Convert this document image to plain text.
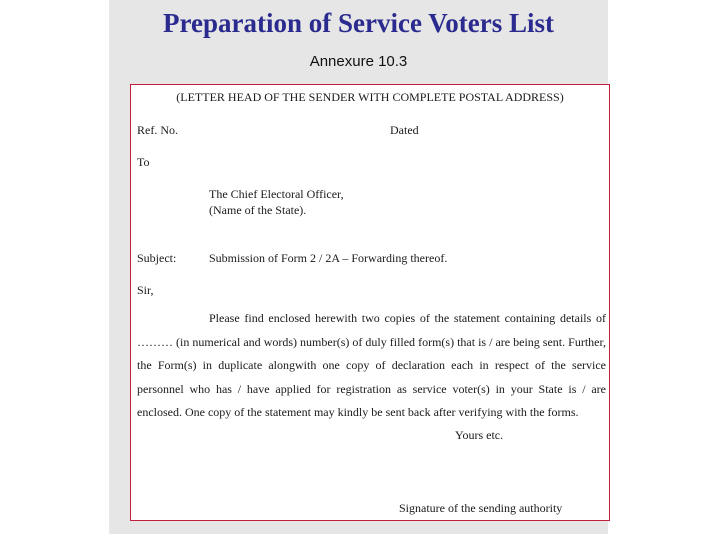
Preparation of Service Voters List
Annexure 10.3
(LETTER HEAD OF THE SENDER WITH COMPLETE POSTAL ADDRESS)
Ref. No.	Dated
To
The Chief Electoral Officer,
(Name of the State).
Subject:	Submission of Form 2 / 2A – Forwarding thereof.
Sir,

Please find enclosed herewith two copies of the statement containing details of ……… (in numerical and words) number(s) of duly filled form(s) that is / are being sent. Further, the Form(s) in duplicate alongwith one copy of declaration each in respect of the service personnel who has / have applied for registration as service voter(s) in your State is / are enclosed. One copy of the statement may kindly be sent back after verifying with the forms.

Yours etc.
Signature of the sending authority
